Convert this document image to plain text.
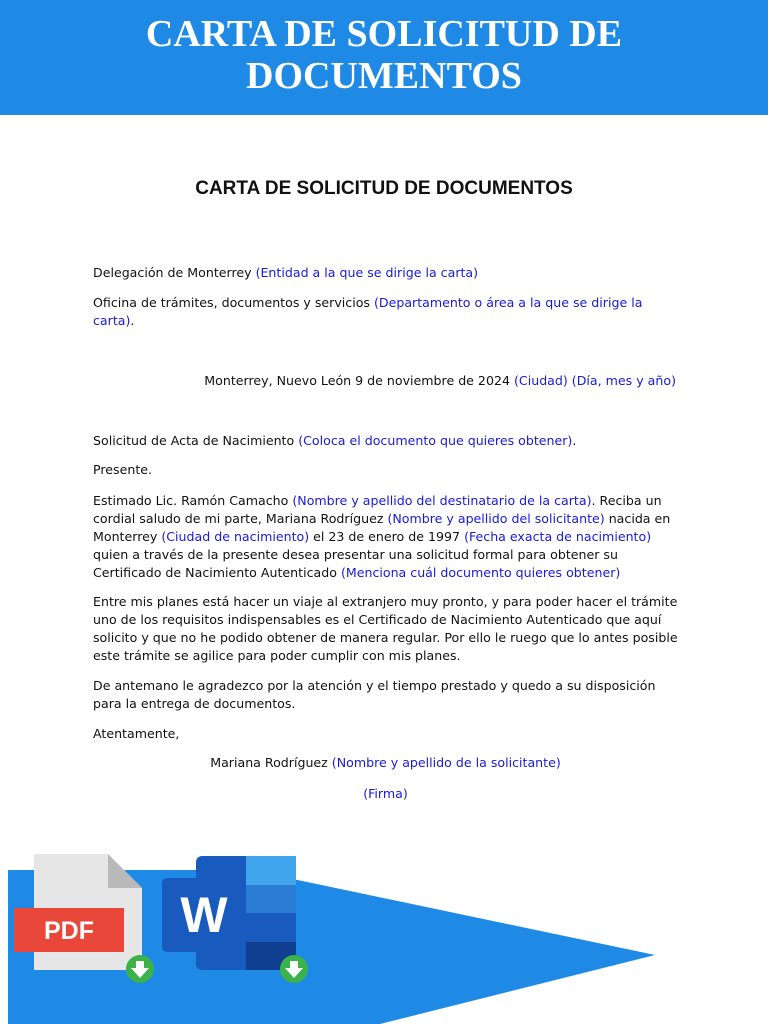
CARTA DE SOLICITUD DE
DOCUMENTOS
CARTA DE SOLICITUD DE DOCUMENTOS
Delegación de Monterrey (Entidad a la que se dirige la carta)
Oficina de trámites, documentos y servicios (Departamento o área a la que se dirige la carta).
Monterrey, Nuevo León 9 de noviembre de 2024 (Ciudad) (Día, mes y año)
Solicitud de Acta de Nacimiento (Coloca el documento que quieres obtener).
Presente.
Estimado Lic. Ramón Camacho (Nombre y apellido del destinatario de la carta). Reciba un cordial saludo de mi parte, Mariana Rodríguez (Nombre y apellido del solicitante) nacida en Monterrey (Ciudad de nacimiento) el 23 de enero de 1997 (Fecha exacta de nacimiento) quien a través de la presente desea presentar una solicitud formal para obtener su Certificado de Nacimiento Autenticado (Menciona cuál documento quieres obtener)
Entre mis planes está hacer un viaje al extranjero muy pronto, y para poder hacer el trámite uno de los requisitos indispensables es el Certificado de Nacimiento Autenticado que aquí solicito y que no he podido obtener de manera regular. Por ello le ruego que lo antes posible este trámite se agilice para poder cumplir con mis planes.
De antemano le agradezco por la atención y el tiempo prestado y quedo a su disposición para la entrega de documentos.
Atentamente,
Mariana Rodríguez (Nombre y apellido de la solicitante)
(Firma)
PDF W
